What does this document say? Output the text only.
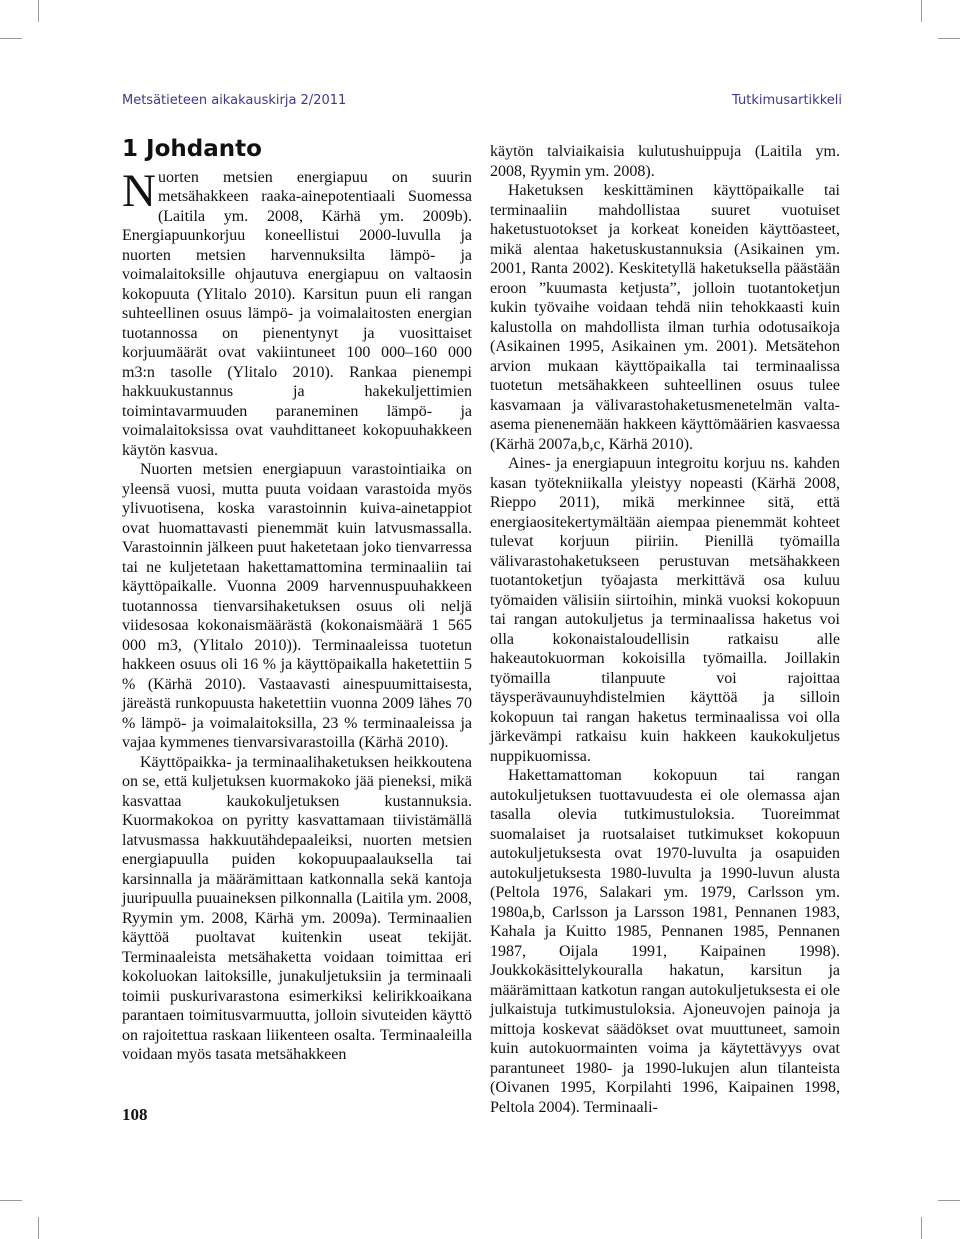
Metsätieteen aikakauskirja 2/2011	Tutkimusartikkeli
1 Johdanto

Nuorten metsien energiapuu on suurin metsähakkeen raaka-ainepotentiaali Suomessa (Laitila ym. 2008, Kärhä ym. 2009b). Energiapuunkorjuu koneellistui 2000-luvulla ja nuorten metsien harvennuksilta lämpö- ja voimalaitoksille ohjautuva energiapuu on valtaosin kokopuuta (Ylitalo 2010). Karsitun puun eli rangan suhteellinen osuus lämpö- ja voimalaitosten energian tuotannossa on pienentynyt ja vuosittaiset korjuumäärät ovat vakiintuneet 100 000–160 000 m3:n tasolle (Ylitalo 2010). Rankaa pienempi hakkuukustannus ja hakekuljettimien toimintavarmuuden paraneminen lämpö- ja voimalaitoksissa ovat vauhdittaneet kokopuuhakkeen käytön kasvua.

Nuorten metsien energiapuun varastointiaika on yleensä vuosi, mutta puuta voidaan varastoida myös ylivuotisena, koska varastoinnin kuiva-ainetappiot ovat huomattavasti pienemmät kuin latvusmassalla. Varastoinnin jälkeen puut haketetaan joko tienvarressa tai ne kuljetetaan hakettamattomina terminaaliin tai käyttöpaikalle. Vuonna 2009 harvennuspuuhakkeen tuotannossa tienvarsihaketuksen osuus oli neljä viidesosaa kokonaismäärästä (kokonaismäärä 1 565 000 m3, (Ylitalo 2010)). Terminaaleissa tuotetun hakkeen osuus oli 16 % ja käyttöpaikalla haketettiin 5 % (Kärhä 2010). Vastaavasti ainespuumittaisesta, järeästä runkopuusta haketettiin vuonna 2009 lähes 70 % lämpö- ja voimalaitoksilla, 23 % terminaaleissa ja vajaa kymmenes tienvarsivarastoilla (Kärhä 2010).

Käyttöpaikka- ja terminaalihaketuksen heikkoutena on se, että kuljetuksen kuormakoko jää pieneksi, mikä kasvattaa kaukokuljetuksen kustannuksia. Kuormakokoa on pyritty kasvattamaan tiivistämällä latvusmassa hakkuutähdepaaleiksi, nuorten metsien energiapuulla puiden kokopuupaalauksella tai karsinnalla ja määrämittaan katkonnalla sekä kantoja juuripuulla puuaineksen pilkonnalla (Laitila ym. 2008, Ryymin ym. 2008, Kärhä ym. 2009a). Terminaalien käyttöä puoltavat kuitenkin useat tekijät. Terminaaleista metsähaketta voidaan toimittaa eri kokoluokan laitoksille, junakuljetuksiin ja terminaali toimii puskurivarastona esimerkiksi kelirikkoaikana parantaen toimitusvarmuutta, jolloin sivuteiden käyttö on rajoitettua raskaan liikenteen osalta. Terminaaleilla voidaan myös tasata metsähakkeen

käytön talviaikaisia kulutushuippuja (Laitila ym. 2008, Ryymin ym. 2008).

Haketuksen keskittäminen käyttöpaikalle tai terminaaliin mahdollistaa suuret vuotuiset haketustuotokset ja korkeat koneiden käyttöasteet, mikä alentaa haketuskustannuksia (Asikainen ym. 2001, Ranta 2002). Keskitetyllä haketuksella päästään eroon ”kuumasta ketjusta”, jolloin tuotantoketjun kukin työvaihe voidaan tehdä niin tehokkaasti kuin kalustolla on mahdollista ilman turhia odotusaikoja (Asikainen 1995, Asikainen ym. 2001). Metsätehon arvion mukaan käyttöpaikalla tai terminaalissa tuotetun metsähakkeen suhteellinen osuus tulee kasvamaan ja välivarastohaketusmenetelmän valta-asema pienenemään hakkeen käyttömäärien kasvaessa (Kärhä 2007a,b,c, Kärhä 2010).

Aines- ja energiapuun integroitu korjuu ns. kahden kasan työtekniikalla yleistyy nopeasti (Kärhä 2008, Rieppo 2011), mikä merkinnee sitä, että energiaositekertymältään aiempaa pienemmät kohteet tulevat korjuun piiriin. Pienillä työmailla välivarastohaketukseen perustuvan metsähakkeen tuotantoketjun työajasta merkittävä osa kuluu työmaiden välisiin siirtoihin, minkä vuoksi kokopuun tai rangan autokuljetus ja terminaalissa haketus voi olla kokonaistaloudellisin ratkaisu alle hakeautokuorman kokoisilla työmailla. Joillakin työmailla tilanpuute voi rajoittaa täysperävaunuyhdistelmien käyttöä ja silloin kokopuun tai rangan haketus terminaalissa voi olla järkevämpi ratkaisu kuin hakkeen kaukokuljetus nuppikuomissa.

Hakettamattoman kokopuun tai rangan autokuljetuksen tuottavuudesta ei ole olemassa ajan tasalla olevia tutkimustuloksia. Tuoreimmat suomalaiset ja ruotsalaiset tutkimukset kokopuun autokuljetuksesta ovat 1970-luvulta ja osapuiden autokuljetuksesta 1980-luvulta ja 1990-luvun alusta (Peltola 1976, Salakari ym. 1979, Carlsson ym. 1980a,b, Carlsson ja Larsson 1981, Pennanen 1983, Kahala ja Kuitto 1985, Pennanen 1985, Pennanen 1987, Oijala 1991, Kaipainen 1998). Joukkokäsittelykouralla hakatun, karsitun ja määrämittaan katkotun rangan autokuljetuksesta ei ole julkaistuja tutkimustuloksia. Ajoneuvojen painoja ja mittoja koskevat säädökset ovat muuttuneet, samoin kuin autokuormainten voima ja käytettävyys ovat parantuneet 1980- ja 1990-lukujen alun tilanteista (Oivanen 1995, Korpilahti 1996, Kaipainen 1998, Peltola 2004). Terminaali-

108
